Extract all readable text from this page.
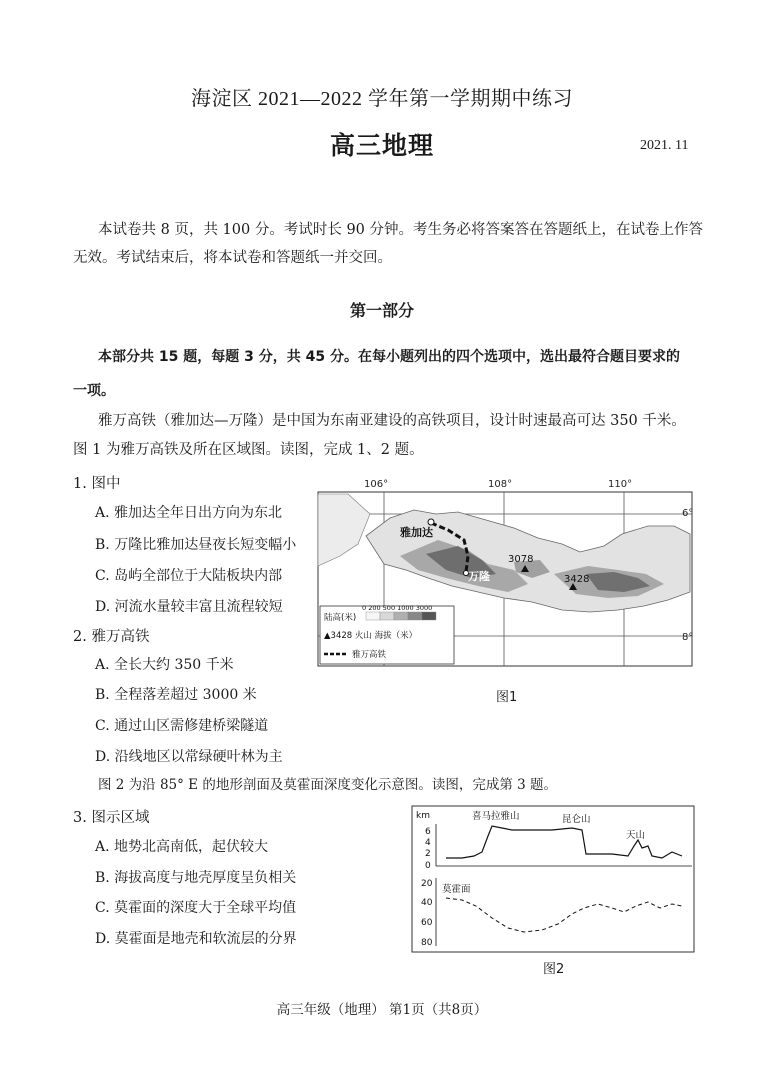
海淀区 2021—2022 学年第一学期期中练习
高三地理	2021. 11
本试卷共 8 页，共 100 分。考试时长 90 分钟。考生务必将答案答在答题纸上，在试卷上作答
无效。考试结束后，将本试卷和答题纸一并交回。
第一部分
本部分共 15 题，每题 3 分，共 45 分。在每小题列出的四个选项中，选出最符合题目要求的
一项。
雅万高铁（雅加达—万隆）是中国为东南亚建设的高铁项目，设计时速最高可达 350 千米。
图 1 为雅万高铁及所在区域图。读图，完成 1、2 题。
1. 图中
A. 雅加达全年日出方向为东北
B. 万隆比雅加达昼夜长短变幅小
C. 岛屿全部位于大陆板块内部
D. 河流水量较丰富且流程较短
2. 雅万高铁
A. 全长大约 350 千米
B. 全程落差超过 3000 米
C. 通过山区需修建桥梁隧道
D. 沿线地区以常绿硬叶林为主
图 2 为沿 85° E 的地形剖面及莫霍面深度变化示意图。读图，完成第 3 题。
3. 图示区域
A. 地势北高南低，起伏较大
B. 海拔高度与地壳厚度呈负相关
C. 莫霍面的深度大于全球平均值
D. 莫霍面是地壳和软流层的分界
106°	108°	110°
6°
8°
雅加达
万隆
3078
3428
陆高(米)
0 200 500 1000 3000
▲3428 火山 海拔（米）
雅万高铁
图1
km
6
4
2
0
喜马拉雅山	昆仑山
天山
20
40
60
80
莫霍面
图2
高三年级（地理） 第1页（共8页）
